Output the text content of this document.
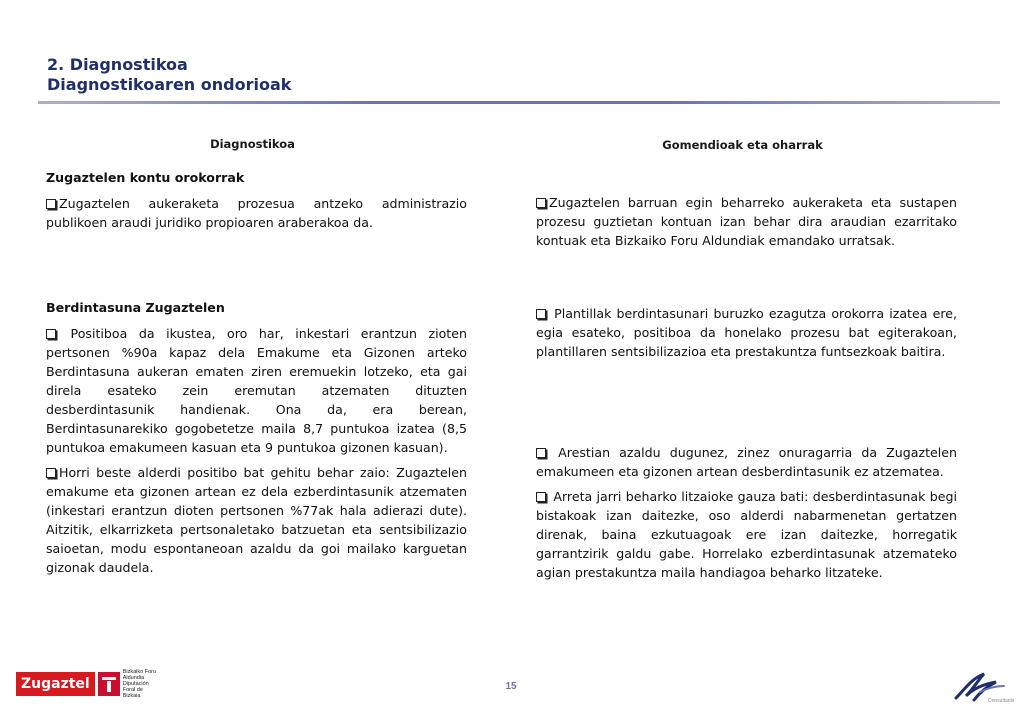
2. Diagnostikoa
Diagnostikoaren ondorioak
Diagnostikoa	Gomendioak eta oharrak
Zugaztelen kontu orokorrak

Zugaztelen aukeraketa prozesua antzeko administrazio publikoen araudi juridiko propioaren araberakoa da.

Berdintasuna Zugaztelen

Positiboa da ikustea, oro har, inkestari erantzun zioten pertsonen %90a kapaz dela Emakume eta Gizonen arteko Berdintasuna aukeran ematen ziren eremuekin lotzeko, eta gai direla esateko zein eremutan atzematen dituzten desberdintasunik handienak. Ona da, era berean, Berdintasunarekiko gogobetetze maila 8,7 puntukoa izatea (8,5 puntukoa emakumeen kasuan eta 9 puntukoa gizonen kasuan).

Horri beste alderdi positibo bat gehitu behar zaio: Zugaztelen emakume eta gizonen artean ez dela ezberdintasunik atzematen (inkestari erantzun dioten pertsonen %77ak hala adierazi dute). Aitzitik, elkarrizketa pertsonaletako batzuetan eta sentsibilizazio saioetan, modu espontaneoan azaldu da goi mailako karguetan gizonak daudela.

Zugaztelen barruan egin beharreko aukeraketa eta sustapen prozesu guztietan kontuan izan behar dira araudian ezarritako kontuak eta Bizkaiko Foru Aldundiak emandako urratsak.

Plantillak berdintasunari buruzko ezagutza orokorra izatea ere, egia esateko, positiboa da honelako prozesu bat egiterakoan, plantillaren sentsibilizazioa eta prestakuntza funtsezkoak baitira.

Arestian azaldu dugunez, zinez onuragarria da Zugaztelen emakumeen eta gizonen artean desberdintasunik ez atzematea.

Arreta jarri beharko litzaioke gauza bati: desberdintasunak begi bistakoak izan daitezke, oso alderdi nabarmenetan gertatzen direnak, baina ezkutuagoak ere izan daitezke, horregatik garrantzirik galdu gabe. Horrelako ezberdintasunak atzemateko agian prestakuntza maila handiagoa beharko litzateke.

Zugaztel
Bizkaiko Foru
Aldundia
Diputación
Foral de Bizkaia
15
Consultants
